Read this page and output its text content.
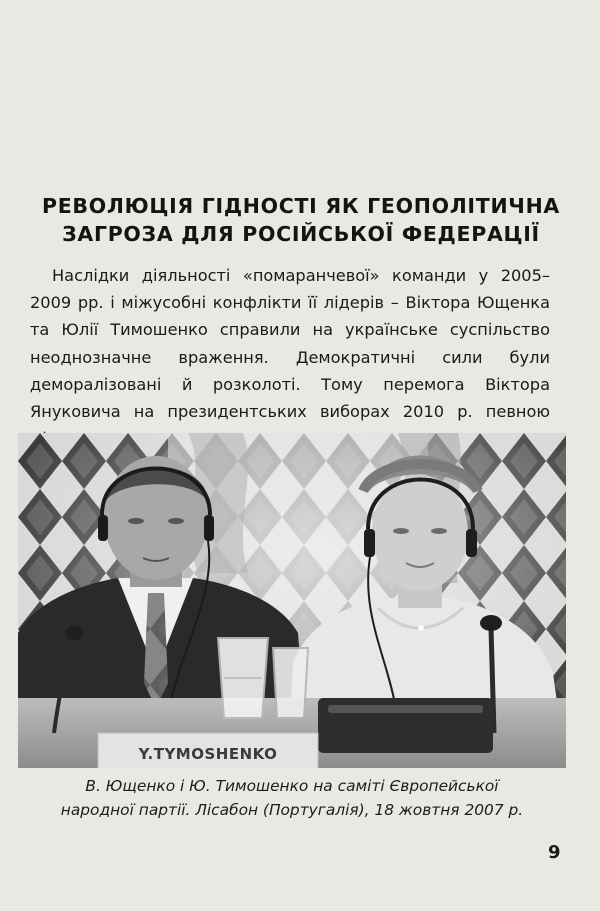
РЕВОЛЮЦІЯ ГІДНОСТІ ЯК ГЕОПОЛІТИЧНА
ЗАГРОЗА ДЛЯ РОСІЙСЬКОЇ ФЕДЕРАЦІЇ
Наслідки діяльності «помаранчевої» команди у 2005–
2009 рр. і міжусобні конфлікти її лідерів – Віктора Ющенка
та Юлії Тимошенко справили на українське суспільство
неоднозначне враження. Демократичні сили були
деморалізовані й розколоті. Тому перемога Віктора
Януковича на президентських виборах 2010 р. певною
Y.TYMOSHENKO
В. Ющенко і Ю. Тимошенко на саміті Європейської
народної партії. Лісабон (Португалія), 18 жовтня 2007 р.
9
